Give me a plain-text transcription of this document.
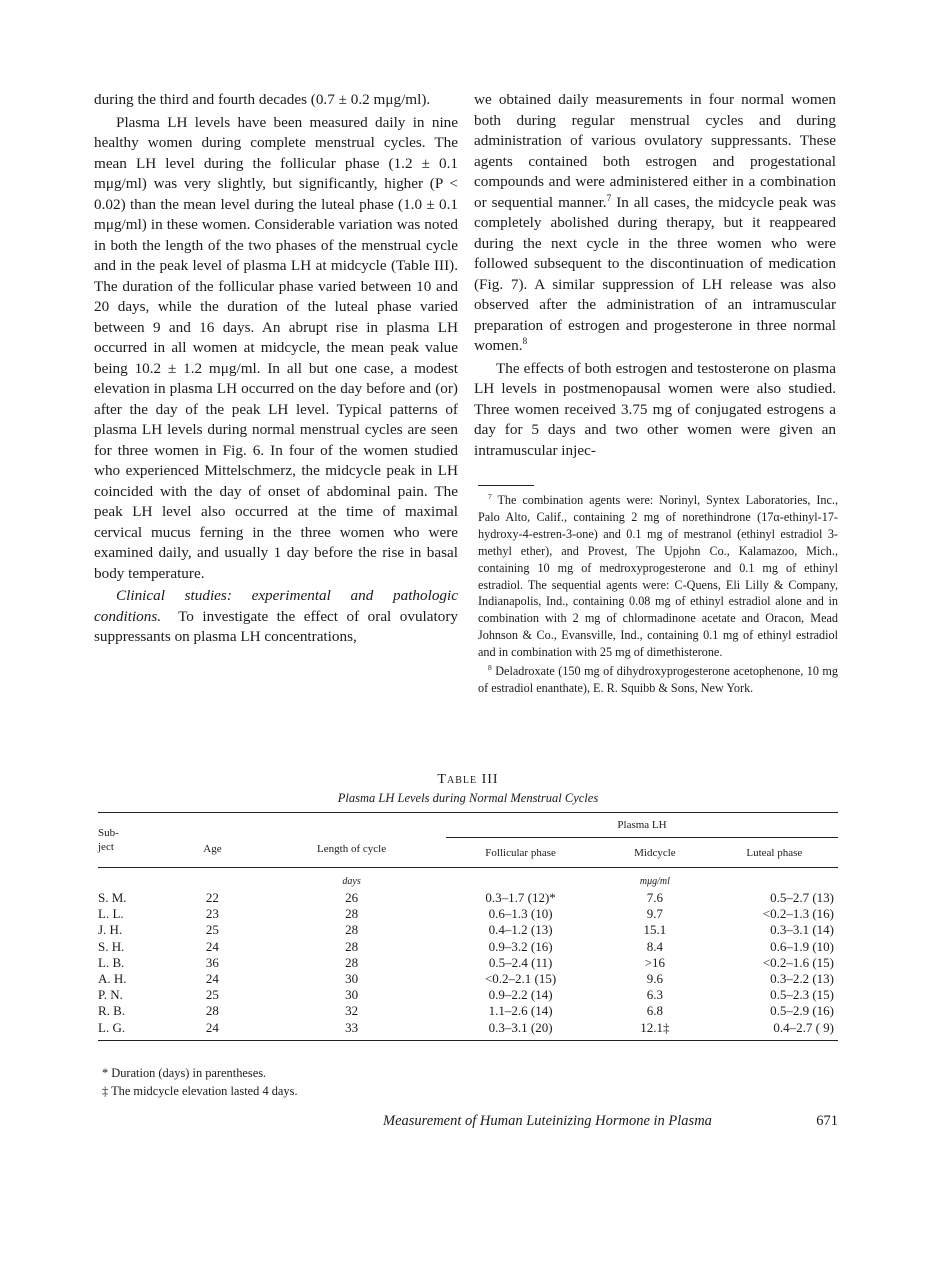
during the third and fourth decades (0.7 ± 0.2 mμg/ml).

Plasma LH levels have been measured daily in nine healthy women during complete menstrual cycles. The mean LH level during the follicular phase (1.2 ± 0.1 mμg/ml) was very slightly, but significantly, higher (P < 0.02) than the mean level during the luteal phase (1.0 ± 0.1 mμg/ml) in these women. Considerable variation was noted in both the length of the two phases of the menstrual cycle and in the peak level of plasma LH at midcycle (Table III). The duration of the follicular phase varied between 10 and 20 days, while the duration of the luteal phase varied between 9 and 16 days. An abrupt rise in plasma LH occurred in all women at midcycle, the mean peak value being 10.2 ± 1.2 mμg/ml. In all but one case, a modest elevation in plasma LH occurred on the day before and (or) after the day of the peak LH level. Typical patterns of plasma LH levels during normal menstrual cycles are seen for three women in Fig. 6. In four of the women studied who experienced Mittelschmerz, the midcycle peak in LH coincided with the day of onset of abdominal pain. The peak LH level also occurred at the time of maximal cervical mucus ferning in the three women who were examined daily, and usually 1 day before the rise in basal body temperature.

Clinical studies: experimental and pathologic conditions. To investigate the effect of oral ovulatory suppressants on plasma LH concentrations,

we obtained daily measurements in four normal women both during regular menstrual cycles and during administration of various ovulatory suppressants. These agents contained both estrogen and progestational compounds and were administered either in a combination or sequential manner.$^7$ In all cases, the midcycle peak was completely abolished during therapy, but it reappeared during the next cycle in the three women who were followed subsequent to the discontinuation of medication (Fig. 7). A similar suppression of LH release was also observed after the administration of an intramuscular preparation of estrogen and progesterone in three normal women.$^8$

The effects of both estrogen and testosterone on plasma LH levels in postmenopausal women were also studied. Three women received 3.75 mg of conjugated estrogens a day for 5 days and two other women were given an intramuscular injec-

$^7$ The combination agents were: Norinyl, Syntex Laboratories, Inc., Palo Alto, Calif., containing 2 mg of norethindrone (17α-ethinyl-17-hydroxy-4-estren-3-one) and 0.1 mg of mestranol (ethinyl estradiol 3-methyl ether), and Provest, The Upjohn Co., Kalamazoo, Mich., containing 10 mg of medroxyprogesterone and 0.1 mg of ethinyl estradiol. The sequential agents were: C-Quens, Eli Lilly & Company, Indianapolis, Ind., containing 0.08 mg of ethinyl estradiol alone and in combination with 2 mg of chlormadinone acetate and Oracon, Mead Johnson & Co., Evansville, Ind., containing 0.1 mg of ethinyl estradiol and in combination with 25 mg of dimethisterone.

$^8$ Deladroxate (150 mg of dihydroxyprogesterone acetophenone, 10 mg of estradiol enanthate), E. R. Squibb & Sons, New York.

Table III
Plasma LH Levels during Normal Menstrual Cycles
Sub- ject	Age	Length of cycle	Plasma LH		
			Follicular phase	Midcycle	Luteal phase
		days		mμg/ml	
S. M.	22	26	0.3–1.7 (12)*	7.6	0.5–2.7 (13)
L. L.	23	28	0.6–1.3 (10)	9.7	<0.2–1.3 (16)
J. H.	25	28	0.4–1.2 (13)	15.1	0.3–3.1 (14)
S. H.	24	28	0.9–3.2 (16)	8.4	0.6–1.9 (10)
L. B.	36	28	0.5–2.4 (11)	>16	<0.2–1.6 (15)
A. H.	24	30	<0.2–2.1 (15)	9.6	0.3–2.2 (13)
P. N.	25	30	0.9–2.2 (14)	6.3	0.5–2.3 (15)
R. B.	28	32	1.1–2.6 (14)	6.8	0.5–2.9 (16)
L. G.	24	33	0.3–3.1 (20)	12.1‡	0.4–2.7 ( 9)

* Duration (days) in parentheses.
‡ The midcycle elevation lasted 4 days.
Measurement of Human Luteinizing Hormone in Plasma	671
